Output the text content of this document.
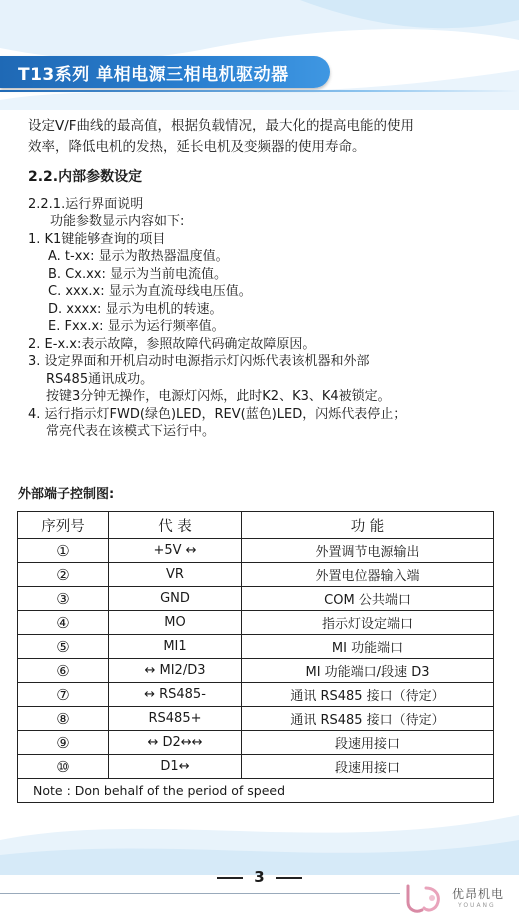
T13系列 单相电源三相电机驱动器
设定V/F曲线的最高值，根据负载情况，最大化的提高电能的使用
效率，降低电机的发热，延长电机及变频器的使用寿命。
2.2.内部参数设定
2.2.1.运行界面说明
功能参数显示内容如下:
1. K1键能够查询的项目
A. t-xx: 显示为散热器温度值。
B. Cx.xx: 显示为当前电流值。
C. xxx.x: 显示为直流母线电压值。
D. xxxx: 显示为电机的转速。
E. Fxx.x: 显示为运行频率值。
2. E-x.x:表示故障，参照故障代码确定故障原因。
3. 设定界面和开机启动时电源指示灯闪烁代表该机器和外部
RS485通讯成功。
按键3分钟无操作，电源灯闪烁，此时K2、K3、K4被锁定。
4. 运行指示灯FWD(绿色)LED，REV(蓝色)LED，闪烁代表停止；
常亮代表在该模式下运行中。
外部端子控制图:
序列号	代 表	功 能
①	+5V ↔	外置调节电源输出
②	VR	外置电位器输入端
③	GND	COM 公共端口
④	MO	指示灯设定端口
⑤	MI1	MI 功能端口
⑥	↔ MI2/D3	MI 功能端口/段速 D3
⑦	↔ RS485-	通讯 RS485 接口（待定）
⑧	RS485+	通讯 RS485 接口（待定）
⑨	↔ D2↔↔	段速用接口
⑩	D1↔	段速用接口
Note : Don behalf of the period of speed		
3
优昂机电
YOUANG
